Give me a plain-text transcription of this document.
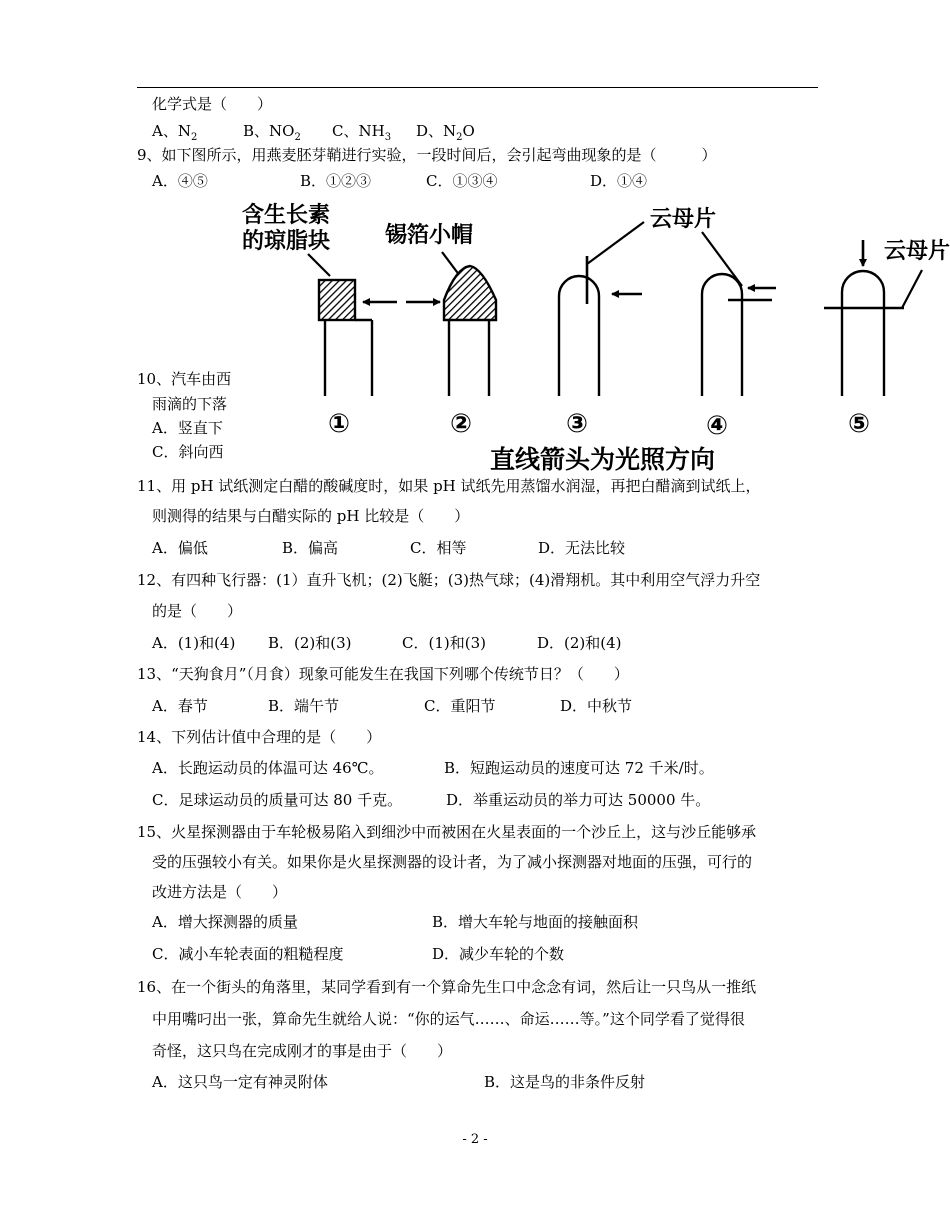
化学式是（　　）
A、$N_2$	B、$NO_2$ C、$NH_3$ D、$N_2O$
9、如下图所示，用燕麦胚芽鞘进行实验，一段时间后，会引起弯曲现象的是（　　　）
A．④⑤	B．①②③	C．①③④	D．①④
10、汽车由西
雨滴的下落
A．竖直下
C．斜向西
含生长素
的琼脂块 锡箔小帽
云母片
云母片
①	②	③	④	⑤
直线箭头为光照方向
11、用 pH 试纸测定白醋的酸碱度时，如果 pH 试纸先用蒸馏水润湿，再把白醋滴到试纸上，
则测得的结果与白醋实际的 pH 比较是（　　）
A．偏低	B．偏高	C．相等	D．无法比较
12、有四种飞行器：(1）直升飞机；(2)飞艇；(3)热气球；(4)滑翔机。其中利用空气浮力升空
的是（　　）
A．(1)和(4) B．(2)和(3)	C．(1)和(3)	D．(2)和(4)
13、“天狗食月”（月食）现象可能发生在我国下列哪个传统节日？（　　）
A．春节	B．端午节	C．重阳节	D．中秋节
14、下列估计值中合理的是（　　）
A．长跑运动员的体温可达 46℃。	B．短跑运动员的速度可达 72 千米/时。
C．足球运动员的质量可达 80 千克。	D．举重运动员的举力可达 50000 牛。
15、火星探测器由于车轮极易陷入到细沙中而被困在火星表面的一个沙丘上，这与沙丘能够承
受的压强较小有关。如果你是火星探测器的设计者，为了减小探测器对地面的压强，可行的
改进方法是（　　）
A．增大探测器的质量	B．增大车轮与地面的接触面积
C．减小车轮表面的粗糙程度	D．减少车轮的个数
16、在一个街头的角落里，某同学看到有一个算命先生口中念念有词，然后让一只鸟从一推纸
中用嘴叼出一张，算命先生就给人说：“你的运气……、命运……等。”这个同学看了觉得很
奇怪，这只鸟在完成刚才的事是由于（　　）
A．这只鸟一定有神灵附体	B．这是鸟的非条件反射
- 2 -
